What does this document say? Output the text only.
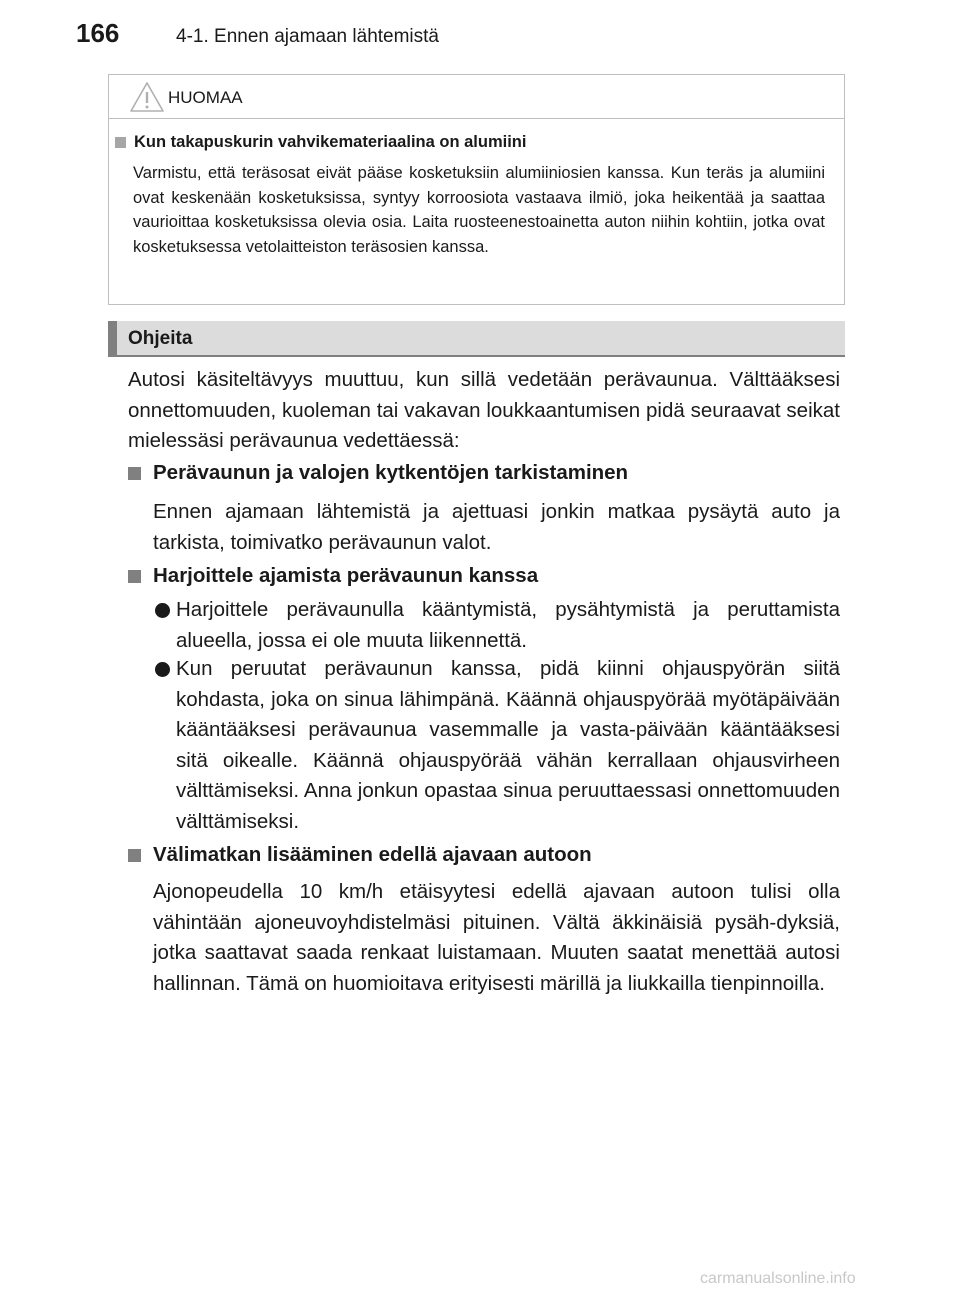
166	4-1. Ennen ajamaan lähtemistä
HUOMAA
Kun takapuskurin vahvikemateriaalina on alumiini
Varmistu, että teräsosat eivät pääse kosketuksiin alumiiniosien kanssa. Kun teräs ja alumiini ovat keskenään kosketuksissa, syntyy korroosiota vastaava ilmiö, joka heikentää ja saattaa vaurioittaa kosketuksissa olevia osia. Laita ruosteenestoainetta auton niihin kohtiin, jotka ovat kosketuksessa vetolaitteiston teräsosien kanssa.
Ohjeita
Autosi käsiteltävyys muuttuu, kun sillä vedetään perävaunua. Välttääksesi onnettomuuden, kuoleman tai vakavan loukkaantumisen pidä seuraavat seikat mielessäsi perävaunua vedettäessä:
Perävaunun ja valojen kytkentöjen tarkistaminen
Ennen ajamaan lähtemistä ja ajettuasi jonkin matkaa pysäytä auto ja tarkista, toimivatko perävaunun valot.
Harjoittele ajamista perävaunun kanssa
Harjoittele perävaunulla kääntymistä, pysähtymistä ja peruttamista alueella, jossa ei ole muuta liikennettä.
Kun peruutat perävaunun kanssa, pidä kiinni ohjauspyörän siitä kohdasta, joka on sinua lähimpänä. Käännä ohjauspyörää myötäpäivään kääntääksesi perävaunua vasemmalle ja vasta-päivään kääntääksesi sitä oikealle. Käännä ohjauspyörää vähän kerrallaan ohjausvirheen välttämiseksi. Anna jonkun opastaa sinua peruuttaessasi onnettomuuden välttämiseksi.
Välimatkan lisääminen edellä ajavaan autoon
Ajonopeudella 10 km/h etäisyytesi edellä ajavaan autoon tulisi olla vähintään ajoneuvoyhdistelmäsi pituinen. Vältä äkkinäisiä pysäh-dyksiä, jotka saattavat saada renkaat luistamaan. Muuten saatat menettää autosi hallinnan. Tämä on huomioitava erityisesti märillä ja liukkailla tienpinnoilla.
carmanualsonline.info
